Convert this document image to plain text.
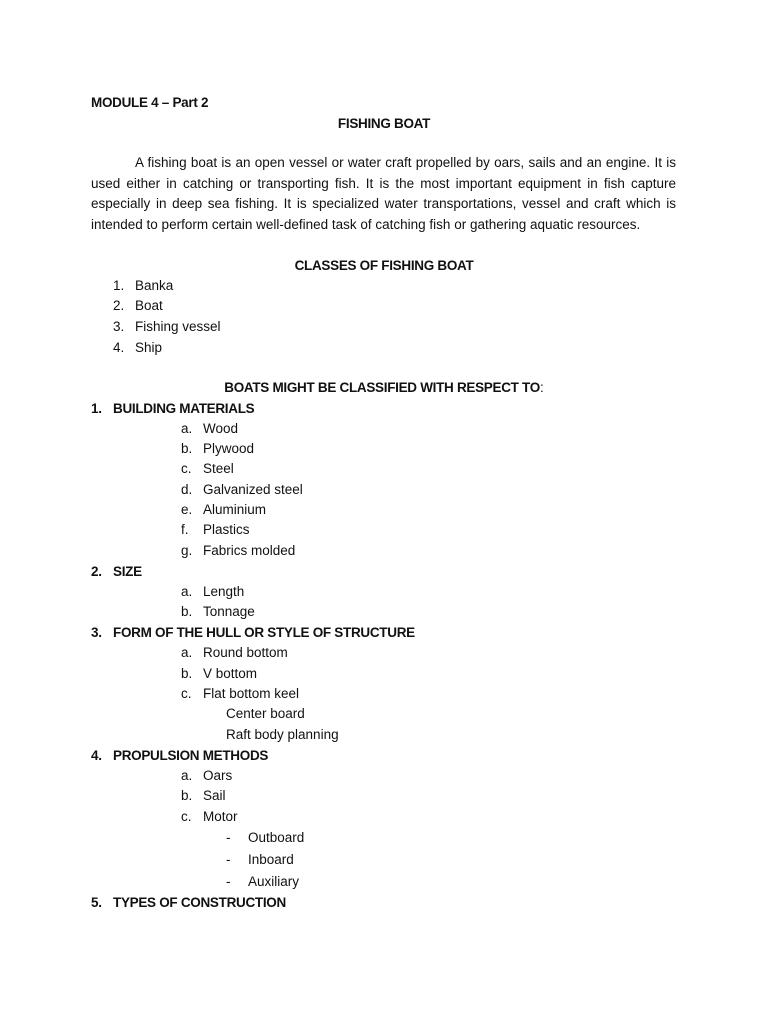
MODULE 4 – Part 2
FISHING BOAT
A fishing boat is an open vessel or water craft propelled by oars, sails and an engine. It is used either in catching or transporting fish. It is the most important equipment in fish capture especially in deep sea fishing. It is specialized water transportations, vessel and craft which is intended to perform certain well-defined task of catching fish or gathering aquatic resources.
CLASSES OF FISHING BOAT
1. Banka
2. Boat
3. Fishing vessel
4. Ship
BOATS MIGHT BE CLASSIFIED WITH RESPECT TO:
1. BUILDING MATERIALS
a. Wood
b. Plywood
c. Steel
d. Galvanized steel
e. Aluminium
f. Plastics
g. Fabrics molded
2. SIZE
a. Length
b. Tonnage
3. FORM OF THE HULL OR STYLE OF STRUCTURE
a. Round bottom
b. V bottom
c. Flat bottom keel
Center board
Raft body planning
4. PROPULSION METHODS
a. Oars
b. Sail
c. Motor
- Outboard
- Inboard
- Auxiliary
5. TYPES OF CONSTRUCTION
